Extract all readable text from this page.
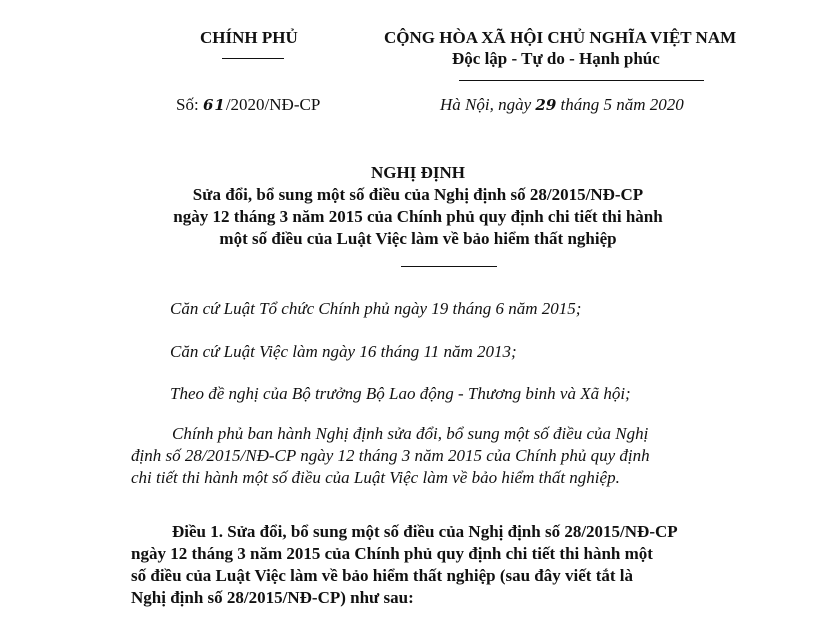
CHÍNH PHỦ	CỘNG HÒA XÃ HỘI CHỦ NGHĨA VIỆT NAM
Độc lập - Tự do - Hạnh phúc
Số: 61/2020/NĐ-CP	Hà Nội, ngày 29 tháng 5 năm 2020
NGHỊ ĐỊNH
Sửa đổi, bổ sung một số điều của Nghị định số 28/2015/NĐ-CP
ngày 12 tháng 3 năm 2015 của Chính phủ quy định chi tiết thi hành
một số điều của Luật Việc làm về bảo hiểm thất nghiệp
Căn cứ Luật Tổ chức Chính phủ ngày 19 tháng 6 năm 2015;
Căn cứ Luật Việc làm ngày 16 tháng 11 năm 2013;
Theo đề nghị của Bộ trưởng Bộ Lao động - Thương binh và Xã hội;
Chính phủ ban hành Nghị định sửa đổi, bổ sung một số điều của Nghị
định số 28/2015/NĐ-CP ngày 12 tháng 3 năm 2015 của Chính phủ quy định
chi tiết thi hành một số điều của Luật Việc làm về bảo hiểm thất nghiệp.
Điều 1. Sửa đổi, bổ sung một số điều của Nghị định số 28/2015/NĐ-CP
ngày 12 tháng 3 năm 2015 của Chính phủ quy định chi tiết thi hành một
số điều của Luật Việc làm về bảo hiểm thất nghiệp (sau đây viết tắt là
Nghị định số 28/2015/NĐ-CP) như sau:
